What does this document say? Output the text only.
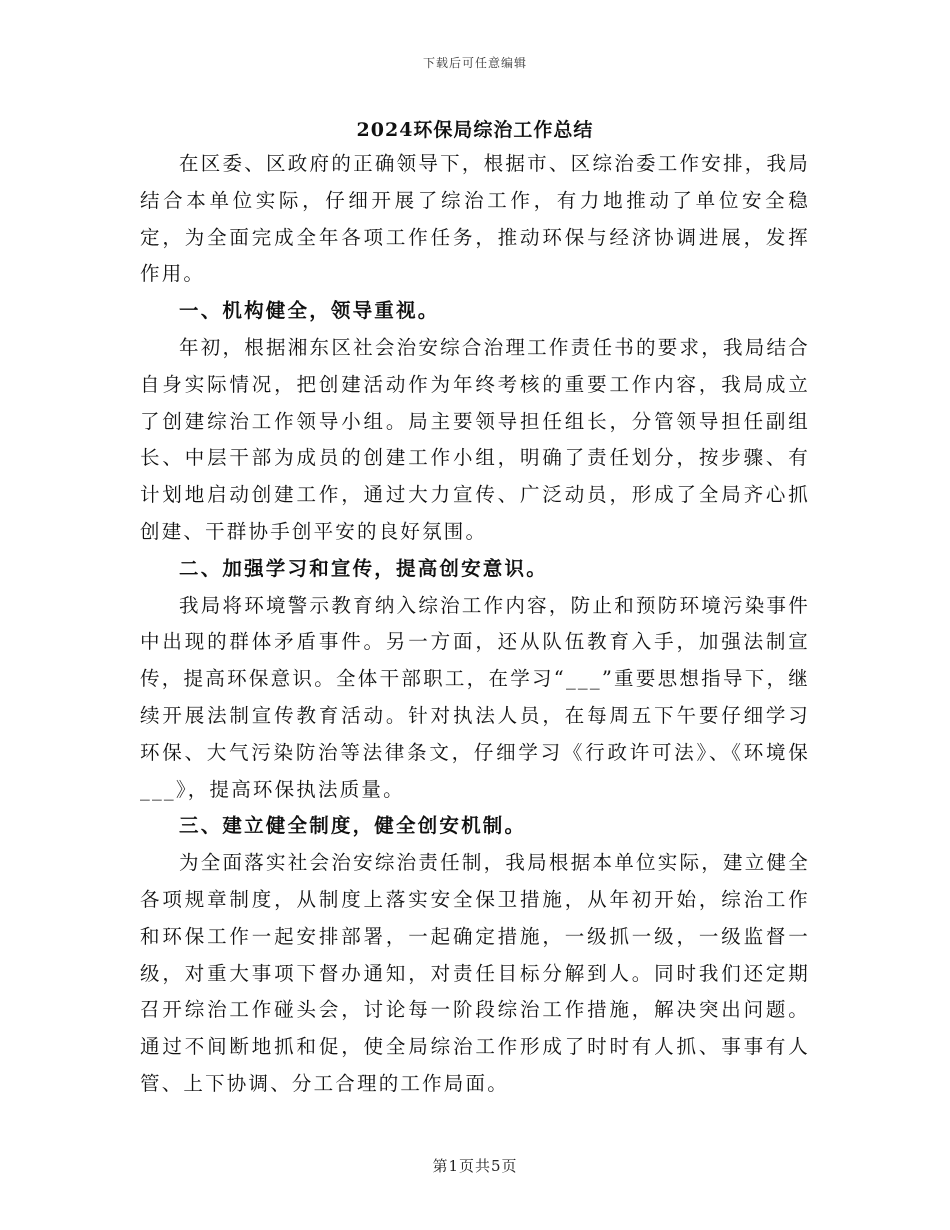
下载后可任意编辑
2024环保局综治工作总结

在区委、区政府的正确领导下，根据市、区综治委工作安排，我局结合本单位实际，仔细开展了综治工作，有力地推动了单位安全稳定，为全面完成全年各项工作任务，推动环保与经济协调进展，发挥作用。

一、机构健全，领导重视。

年初，根据湘东区社会治安综合治理工作责任书的要求，我局结合自身实际情况，把创建活动作为年终考核的重要工作内容，我局成立了创建综治工作领导小组。局主要领导担任组长，分管领导担任副组长、中层干部为成员的创建工作小组，明确了责任划分，按步骤、有计划地启动创建工作，通过大力宣传、广泛动员，形成了全局齐心抓创建、干群协手创平安的良好氛围。

二、加强学习和宣传，提高创安意识。

我局将环境警示教育纳入综治工作内容，防止和预防环境污染事件中出现的群体矛盾事件。另一方面，还从队伍教育入手，加强法制宣传，提高环保意识。全体干部职工，在学习“___”重要思想指导下，继续开展法制宣传教育活动。针对执法人员，在每周五下午要仔细学习环保、大气污染防治等法律条文，仔细学习《行政许可法》、《环境保___》，提高环保执法质量。

三、建立健全制度，健全创安机制。

为全面落实社会治安综治责任制，我局根据本单位实际，建立健全各项规章制度，从制度上落实安全保卫措施，从年初开始，综治工作和环保工作一起安排部署，一起确定措施，一级抓一级，一级监督一级，对重大事项下督办通知，对责任目标分解到人。同时我们还定期召开综治工作碰头会，讨论每一阶段综治工作措施，解决突出问题。通过不间断地抓和促，使全局综治工作形成了时时有人抓、事事有人管、上下协调、分工合理的工作局面。

第1页共5页
